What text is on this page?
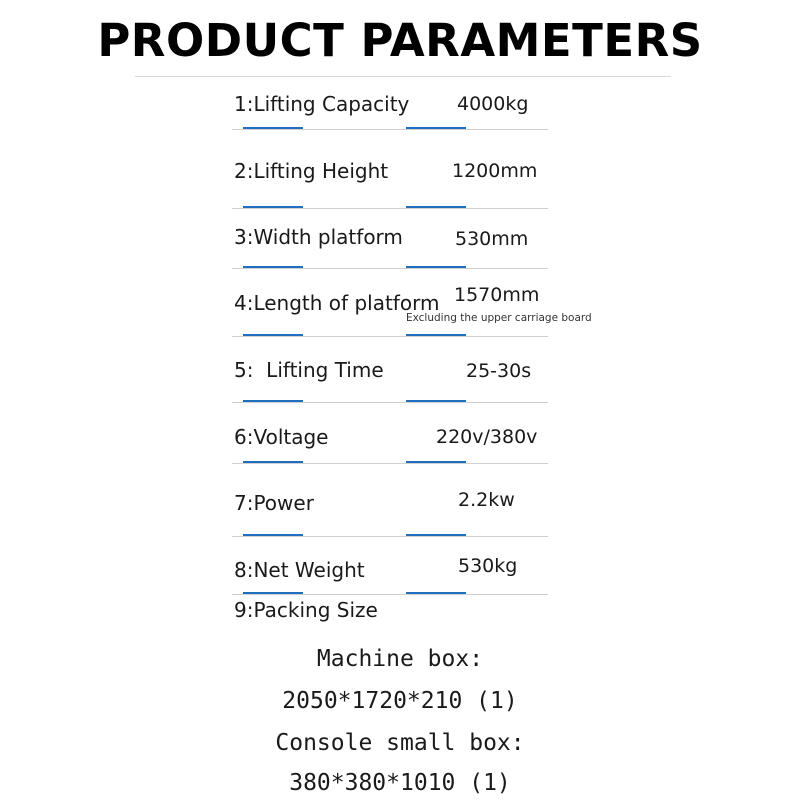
PRODUCT PARAMETERS
1:Lifting Capacity	4000kg
2:Lifting Height	1200mm
3:Width platform	530mm
4:Length of platform 1570mm
Excluding the upper carriage board
5:  Lifting Time	25-30s
6:Voltage	220v/380v
7:Power	2.2kw
8:Net Weight	530kg
9:Packing Size
Machine box:
2050*1720*210 (1)
Console small box:
380*380*1010 (1)
